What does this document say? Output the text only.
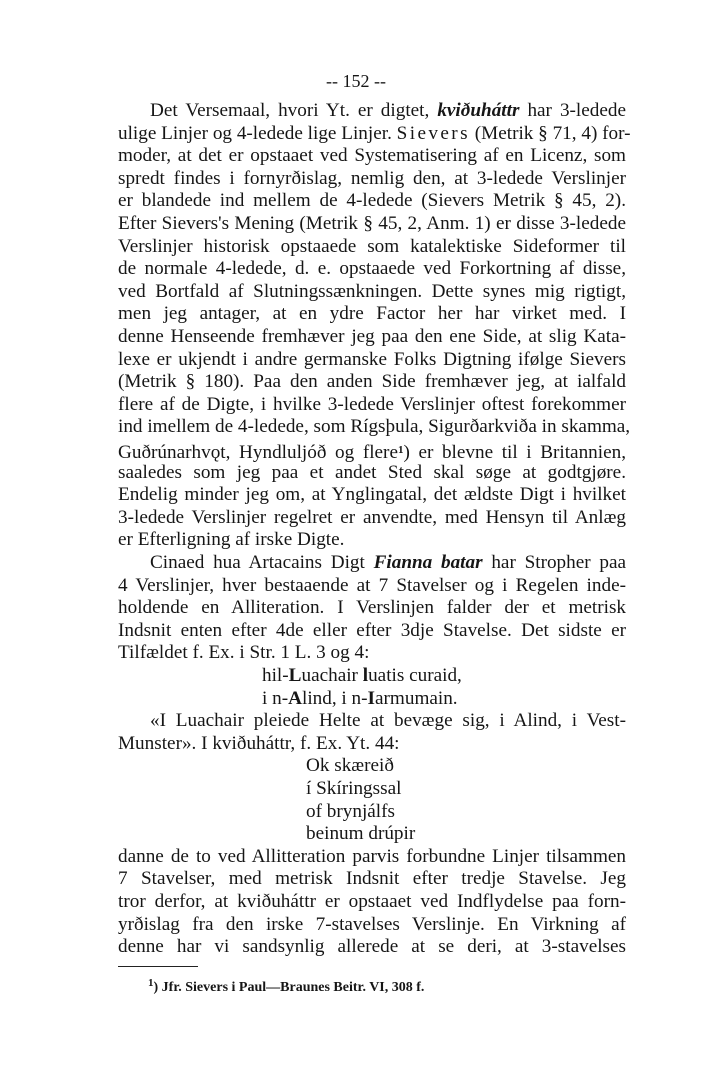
-- 152 --
Det Versemaal, hvori Yt. er digtet, kviðuháttr har 3-ledede
ulige Linjer og 4-ledede lige Linjer. Sievers (Metrik § 71, 4) for-
moder, at det er opstaaet ved Systematisering af en Licenz, som
spredt findes i fornyrðislag, nemlig den, at 3-ledede Verslinjer
er blandede ind mellem de 4-ledede (Sievers Metrik § 45, 2).
Efter Sievers's Mening (Metrik § 45, 2, Anm. 1) er disse 3-ledede
Verslinjer historisk opstaaede som katalektiske Sideformer til
de normale 4-ledede, d. e. opstaaede ved Forkortning af disse,
ved Bortfald af Slutningssænkningen. Dette synes mig rigtigt,
men jeg antager, at en ydre Factor her har virket med. I
denne Henseende fremhæver jeg paa den ene Side, at slig Kata-
lexe er ukjendt i andre germanske Folks Digtning ifølge Sievers
(Metrik § 180). Paa den anden Side fremhæver jeg, at ialfald
flere af de Digte, i hvilke 3-ledede Verslinjer oftest forekommer
ind imellem de 4-ledede, som Rígsþula, Sigurðarkviða in skamma,
Guðrúnarhvǫt, Hyndluljóð og flere$^1$) er blevne til i Britannien,
saaledes som jeg paa et andet Sted skal søge at godtgjøre.
Endelig minder jeg om, at Ynglingatal, det ældste Digt i hvilket
3-ledede Verslinjer regelret er anvendte, med Hensyn til Anlæg
er Efterligning af irske Digte.
Cinaed hua Artacains Digt Fianna batar har Stropher paa
4 Verslinjer, hver bestaaende at 7 Stavelser og i Regelen inde-
holdende en Alliteration. I Verslinjen falder der et metrisk
Indsnit enten efter 4de eller efter 3dje Stavelse. Det sidste er
Tilfældet f. Ex. i Str. 1 L. 3 og 4:
hil-Luachair luatis curaid,
i n-Alind, i n-Iarmumain.
«I Luachair pleiede Helte at bevæge sig, i Alind, i Vest-
Munster». I kviðuháttr, f. Ex. Yt. 44:
Ok skæreið
í Skíringssal
of brynjálfs
beinum drúpir
danne de to ved Allitteration parvis forbundne Linjer tilsammen
7 Stavelser, med metrisk Indsnit efter tredje Stavelse. Jeg
tror derfor, at kviðuháttr er opstaaet ved Indflydelse paa forn-
yrðislag fra den irske 7-stavelses Verslinje. En Virkning af
denne har vi sandsynlig allerede at se deri, at 3-stavelses
$^1$) Jfr. Sievers i Paul—Braunes Beitr. VI, 308 f.
